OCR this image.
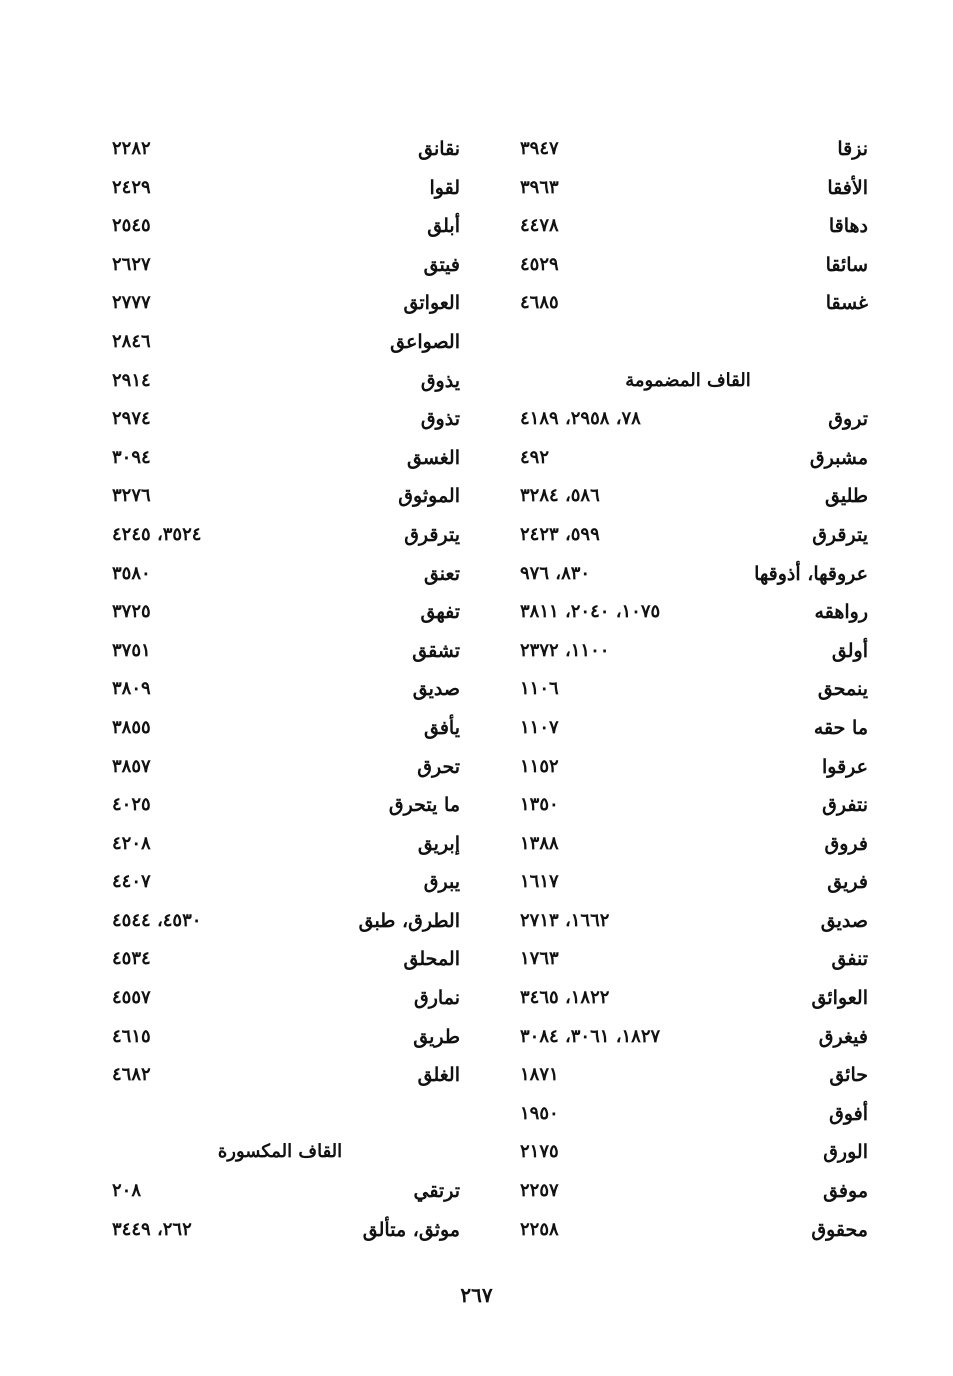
نزقا
٣٩٤٧
الأفقا
٣٩٦٣
دهاقا
٤٤٧٨
سائقا
٤٥٢٩
غسقا
٤٦٨٥
القاف المضمومة
تروق
٧٨، ٢٩٥٨، ٤١٨٩
مشبرق
٤٩٢
طليق
٥٨٦، ٣٢٨٤
يترقرق
٥٩٩، ٢٤٢٣
عروقها، أذوقها
٨٣٠، ٩٧٦
رواهقه
١٠٧٥، ٢٠٤٠، ٣٨١١
أولق
١١٠٠، ٢٣٧٢
ينمحق
١١٠٦
ما حقه
١١٠٧
عرقوا
١١٥٢
نتفرق
١٣٥٠
فروق
١٣٨٨
فريق
١٦١٧
صديق
١٦٦٢، ٢٧١٣
تنفق
١٧٦٣
العوائق
١٨٢٢، ٣٤٦٥
فيغرق
١٨٢٧، ٣٠٦١، ٣٠٨٤
حائق
١٨٧١
أفوق
١٩٥٠
الورق
٢١٧٥
موفق
٢٢٥٧
محقوق
٢٢٥٨
نقانق
٢٢٨٢
لقوا
٢٤٢٩
أبلق
٢٥٤٥
فيتق
٢٦٢٧
العواتق
٢٧٧٧
الصواعق
٢٨٤٦
يذوق
٢٩١٤
تذوق
٢٩٧٤
الغسق
٣٠٩٤
الموثوق
٣٢٧٦
يترقرق
٣٥٢٤، ٤٢٤٥
تعنق
٣٥٨٠
تفهق
٣٧٢٥
تشقق
٣٧٥١
صديق
٣٨٠٩
يأفق
٣٨٥٥
تحرق
٣٨٥٧
ما يتحرق
٤٠٢٥
إبريق
٤٢٠٨
يبرق
٤٤٠٧
الطرق، طبق
٤٥٣٠، ٤٥٤٤
المحلق
٤٥٣٤
نمارق
٤٥٥٧
طريق
٤٦١٥
الغلق
٤٦٨٢
القاف المكسورة
ترتقي
٢٠٨
موثق، متألق
٢٦٢، ٣٤٤٩
٢٦٧
